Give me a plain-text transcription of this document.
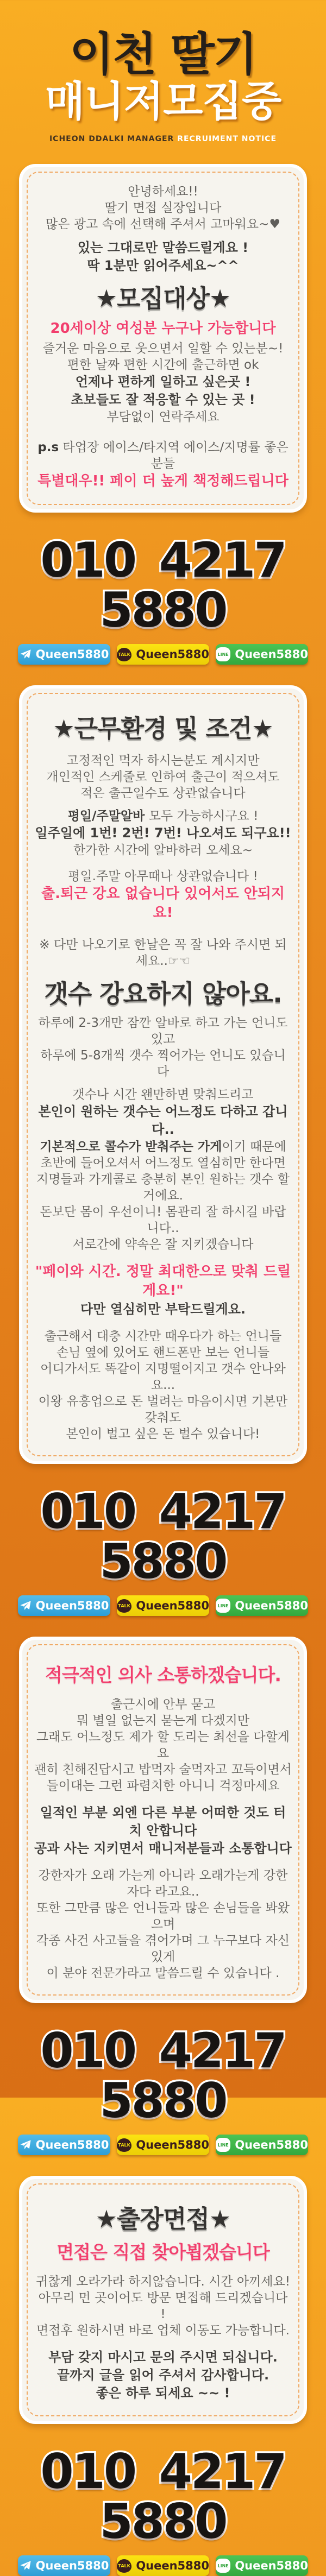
이천 딸기
매니저모집중
ICHEON DDALKI MANAGER RECRUIMENT NOTICE
안녕하세요!!
딸기 면접 실장입니다
많은 광고 속에 선택해 주셔서 고마워요~♥
있는 그대로만 말씀드릴게요 !
딱 1분만 읽어주세요~^^
★모집대상★
20세이상 여성분 누구나 가능합니다
즐거운 마음으로 웃으면서 일할 수 있는분~!
편한 날짜 편한 시간에 출근하면 ok
언제나 편하게 일하고 싶은곳 !
초보들도 잘 적응할 수 있는 곳 !
부담없이 연락주세요
p.s 타업장 에이스/타지역 에이스/지명률 좋은분들
특별대우!! 페이 더 높게 책정해드립니다
010 4217 5880
Queen5880	TALK Queen5880	LINE Queen5880
★근무환경 및 조건★
고정적인 먹자 하시는분도 계시지만
개인적인 스케줄로 인하여 출근이 적으셔도
적은 출근일수도 상관없습니다
평일/주말알바 모두 가능하시구요 !
일주일에 1번! 2번! 7번! 나오셔도 되구요!!
한가한 시간에 알바하러 오세요~
평일.주말 아무때나 상관없습니다 !
출.퇴근 강요 없습니다 있어서도 안되지요!
※ 다만 나오기로 한날은 꼭 잘 나와 주시면 되세요..☞☜
갯수 강요하지 않아요.
하루에 2-3개만 잠깐 알바로 하고 가는 언니도 있고
하루에 5-8개씩 갯수 찍어가는 언니도 있습니다
갯수나 시간 왠만하면 맞춰드리고
본인이 원하는 갯수는 어느정도 다하고 갑니다..
기본적으로 콜수가 받춰주는 가게이기 때문에
초반에 들어오셔서 어느정도 열심히만 한다면
지명들과 가게콜로 충분히 본인 원하는 갯수 할 거에요.
돈보단 몸이 우선이니! 몸관리 잘 하시길 바랍니다..
서로간에 약속은 잘 지키겠습니다
"페이와 시간. 정말 최대한으로 맞춰 드릴게요!"
다만 열심히만 부탁드릴게요.
출근해서 대충 시간만 때우다가 하는 언니들
손님 옆에 있어도 핸드폰만 보는 언니들
어디가서도 똑같이 지명떨어지고 갯수 안나와요...
이왕 유흥업으로 돈 벌려는 마음이시면 기본만 갖춰도
본인이 벌고 싶은 돈 벌수 있습니다!
010 4217 5880
Queen5880	TALK Queen5880	LINE Queen5880
적극적인 의사 소통하겠습니다.
출근시에 안부 묻고
뭐 별일 없는지 묻는게 다겠지만
그래도 어느정도 제가 할 도리는 최선을 다할게요
괜히 친해진답시고 밥먹자 술먹자고 꼬득이면서
들이대는 그런 파렴치한 아니니 걱정마세요
일적인 부분 외엔 다른 부분 어떠한 것도 터치 안합니다
공과 사는 지키면서 매니저분들과 소통합니다
강한자가 오래 가는게 아니라 오래가는게 강한자다 라고요..
또한 그만큼 많은 언니들과 많은 손님들을 봐왔으며
각종 사건 사고들을 겪어가며 그 누구보다 자신있게
이 분야 전문가라고 말씀드릴 수 있습니다 .
010 4217 5880
Queen5880	TALK Queen5880	LINE Queen5880
★출장면접★
면접은 직접 찾아뵙겠습니다
귀찮게 오라가라 하지않습니다. 시간 아끼세요!
아무리 먼 곳이어도 방문 면접해 드리겠습니다 !
면접후 원하시면 바로 업체 이동도 가능합니다.
부담 갖지 마시고 문의 주시면 되십니다.
끝까지 글을 읽어 주셔서 감사합니다.
좋은 하루 되세요 ~~ !
010 4217 5880
Queen5880	TALK Queen5880	LINE Queen5880
